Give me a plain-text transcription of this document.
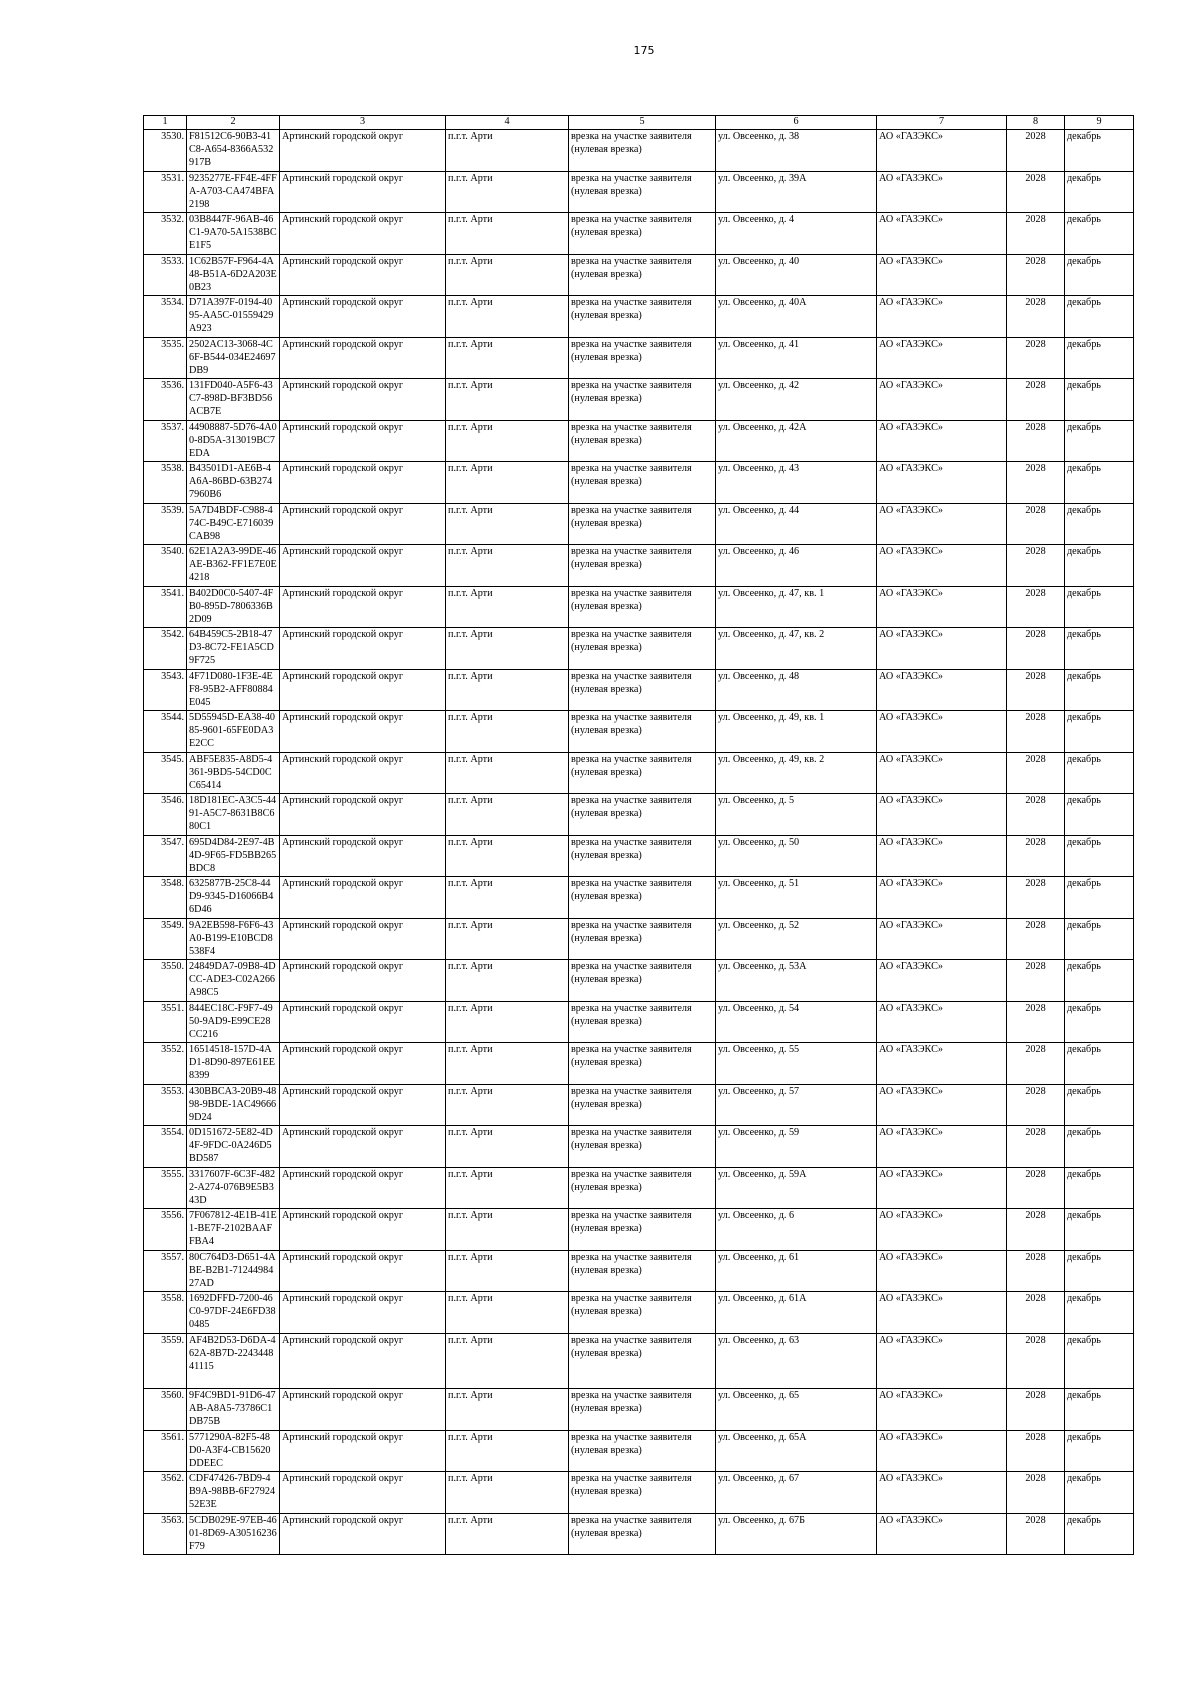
175
1	2	3	4	5	6	7	8	9
3530.	F81512C6-90B3-41C8-A654-8366A532917B	Артинский городской округ	п.г.т. Арти	врезка на участке заявителя (нулевая врезка)	ул. Овсеенко, д. 38	АО «ГАЗЭКС»	2028	декабрь
3531.	9235277E-FF4E-4FFA-A703-CA474BFA2198	Артинский городской округ	п.г.т. Арти	врезка на участке заявителя (нулевая врезка)	ул. Овсеенко, д. 39А	АО «ГАЗЭКС»	2028	декабрь
3532.	03B8447F-96AB-46C1-9A70-5A1538BCE1F5	Артинский городской округ	п.г.т. Арти	врезка на участке заявителя (нулевая врезка)	ул. Овсеенко, д. 4	АО «ГАЗЭКС»	2028	декабрь
3533.	1C62B57F-F964-4A48-B51A-6D2A203E0B23	Артинский городской округ	п.г.т. Арти	врезка на участке заявителя (нулевая врезка)	ул. Овсеенко, д. 40	АО «ГАЗЭКС»	2028	декабрь
3534.	D71A397F-0194-4095-AA5C-01559429A923	Артинский городской округ	п.г.т. Арти	врезка на участке заявителя (нулевая врезка)	ул. Овсеенко, д. 40А	АО «ГАЗЭКС»	2028	декабрь
3535.	2502AC13-3068-4C6F-B544-034E24697DB9	Артинский городской округ	п.г.т. Арти	врезка на участке заявителя (нулевая врезка)	ул. Овсеенко, д. 41	АО «ГАЗЭКС»	2028	декабрь
3536.	131FD040-A5F6-43C7-898D-BF3BD56ACB7E	Артинский городской округ	п.г.т. Арти	врезка на участке заявителя (нулевая врезка)	ул. Овсеенко, д. 42	АО «ГАЗЭКС»	2028	декабрь
3537.	44908887-5D76-4A00-8D5A-313019BC7EDA	Артинский городской округ	п.г.т. Арти	врезка на участке заявителя (нулевая врезка)	ул. Овсеенко, д. 42А	АО «ГАЗЭКС»	2028	декабрь
3538.	B43501D1-AE6B-4A6A-86BD-63B2747960B6	Артинский городской округ	п.г.т. Арти	врезка на участке заявителя (нулевая врезка)	ул. Овсеенко, д. 43	АО «ГАЗЭКС»	2028	декабрь
3539.	5A7D4BDF-C988-474C-B49C-E716039CAB98	Артинский городской округ	п.г.т. Арти	врезка на участке заявителя (нулевая врезка)	ул. Овсеенко, д. 44	АО «ГАЗЭКС»	2028	декабрь
3540.	62E1A2A3-99DE-46AE-B362-FF1E7E0E4218	Артинский городской округ	п.г.т. Арти	врезка на участке заявителя (нулевая врезка)	ул. Овсеенко, д. 46	АО «ГАЗЭКС»	2028	декабрь
3541.	B402D0C0-5407-4FB0-895D-7806336B2D09	Артинский городской округ	п.г.т. Арти	врезка на участке заявителя (нулевая врезка)	ул. Овсеенко, д. 47, кв. 1	АО «ГАЗЭКС»	2028	декабрь
3542.	64B459C5-2B18-47D3-8C72-FE1A5CD9F725	Артинский городской округ	п.г.т. Арти	врезка на участке заявителя (нулевая врезка)	ул. Овсеенко, д. 47, кв. 2	АО «ГАЗЭКС»	2028	декабрь
3543.	4F71D080-1F3E-4EF8-95B2-AFF80884E045	Артинский городской округ	п.г.т. Арти	врезка на участке заявителя (нулевая врезка)	ул. Овсеенко, д. 48	АО «ГАЗЭКС»	2028	декабрь
3544.	5D55945D-EA38-4085-9601-65FE0DA3E2CC	Артинский городской округ	п.г.т. Арти	врезка на участке заявителя (нулевая врезка)	ул. Овсеенко, д. 49, кв. 1	АО «ГАЗЭКС»	2028	декабрь
3545.	ABF5E835-A8D5-4361-9BD5-54CD0CC65414	Артинский городской округ	п.г.т. Арти	врезка на участке заявителя (нулевая врезка)	ул. Овсеенко, д. 49, кв. 2	АО «ГАЗЭКС»	2028	декабрь
3546.	18D181EC-A3C5-4491-A5C7-8631B8C680C1	Артинский городской округ	п.г.т. Арти	врезка на участке заявителя (нулевая врезка)	ул. Овсеенко, д. 5	АО «ГАЗЭКС»	2028	декабрь
3547.	695D4D84-2E97-4B4D-9F65-FD5BB265BDC8	Артинский городской округ	п.г.т. Арти	врезка на участке заявителя (нулевая врезка)	ул. Овсеенко, д. 50	АО «ГАЗЭКС»	2028	декабрь
3548.	6325877B-25C8-44D9-9345-D16066B46D46	Артинский городской округ	п.г.т. Арти	врезка на участке заявителя (нулевая врезка)	ул. Овсеенко, д. 51	АО «ГАЗЭКС»	2028	декабрь
3549.	9A2EB598-F6F6-43A0-B199-E10BCD8538F4	Артинский городской округ	п.г.т. Арти	врезка на участке заявителя (нулевая врезка)	ул. Овсеенко, д. 52	АО «ГАЗЭКС»	2028	декабрь
3550.	24849DA7-09B8-4DCC-ADE3-C02A266A98C5	Артинский городской округ	п.г.т. Арти	врезка на участке заявителя (нулевая врезка)	ул. Овсеенко, д. 53А	АО «ГАЗЭКС»	2028	декабрь
3551.	844EC18C-F9F7-4950-9AD9-E99CE28CC216	Артинский городской округ	п.г.т. Арти	врезка на участке заявителя (нулевая врезка)	ул. Овсеенко, д. 54	АО «ГАЗЭКС»	2028	декабрь
3552.	16514518-157D-4AD1-8D90-897E61EE8399	Артинский городской округ	п.г.т. Арти	врезка на участке заявителя (нулевая врезка)	ул. Овсеенко, д. 55	АО «ГАЗЭКС»	2028	декабрь
3553.	430BBCA3-20B9-4898-9BDE-1AC496669D24	Артинский городской округ	п.г.т. Арти	врезка на участке заявителя (нулевая врезка)	ул. Овсеенко, д. 57	АО «ГАЗЭКС»	2028	декабрь
3554.	0D151672-5E82-4D4F-9FDC-0A246D5BD587	Артинский городской округ	п.г.т. Арти	врезка на участке заявителя (нулевая врезка)	ул. Овсеенко, д. 59	АО «ГАЗЭКС»	2028	декабрь
3555.	3317607F-6C3F-4822-A274-076B9E5B343D	Артинский городской округ	п.г.т. Арти	врезка на участке заявителя (нулевая врезка)	ул. Овсеенко, д. 59А	АО «ГАЗЭКС»	2028	декабрь
3556.	7F067812-4E1B-41E1-BE7F-2102BAAFFBA4	Артинский городской округ	п.г.т. Арти	врезка на участке заявителя (нулевая врезка)	ул. Овсеенко, д. 6	АО «ГАЗЭКС»	2028	декабрь
3557.	80C764D3-D651-4ABE-B2B1-7124498427AD	Артинский городской округ	п.г.т. Арти	врезка на участке заявителя (нулевая врезка)	ул. Овсеенко, д. 61	АО «ГАЗЭКС»	2028	декабрь
3558.	1692DFFD-7200-46C0-97DF-24E6FD380485	Артинский городской округ	п.г.т. Арти	врезка на участке заявителя (нулевая врезка)	ул. Овсеенко, д. 61А	АО «ГАЗЭКС»	2028	декабрь
3559.	AF4B2D53-D6DA-462A-8B7D-224344841115	Артинский городской округ	п.г.т. Арти	врезка на участке заявителя (нулевая врезка)	ул. Овсеенко, д. 63	АО «ГАЗЭКС»	2028	декабрь
3560.	9F4C9BD1-91D6-47AB-A8A5-73786C1DB75B	Артинский городской округ	п.г.т. Арти	врезка на участке заявителя (нулевая врезка)	ул. Овсеенко, д. 65	АО «ГАЗЭКС»	2028	декабрь
3561.	5771290A-82F5-48D0-A3F4-CB15620DDEEC	Артинский городской округ	п.г.т. Арти	врезка на участке заявителя (нулевая врезка)	ул. Овсеенко, д. 65А	АО «ГАЗЭКС»	2028	декабрь
3562.	CDF47426-7BD9-4B9A-98BB-6F2792452E3E	Артинский городской округ	п.г.т. Арти	врезка на участке заявителя (нулевая врезка)	ул. Овсеенко, д. 67	АО «ГАЗЭКС»	2028	декабрь
3563.	5CDB029E-97EB-4601-8D69-A30516236F79	Артинский городской округ	п.г.т. Арти	врезка на участке заявителя (нулевая врезка)	ул. Овсеенко, д. 67Б	АО «ГАЗЭКС»	2028	декабрь
